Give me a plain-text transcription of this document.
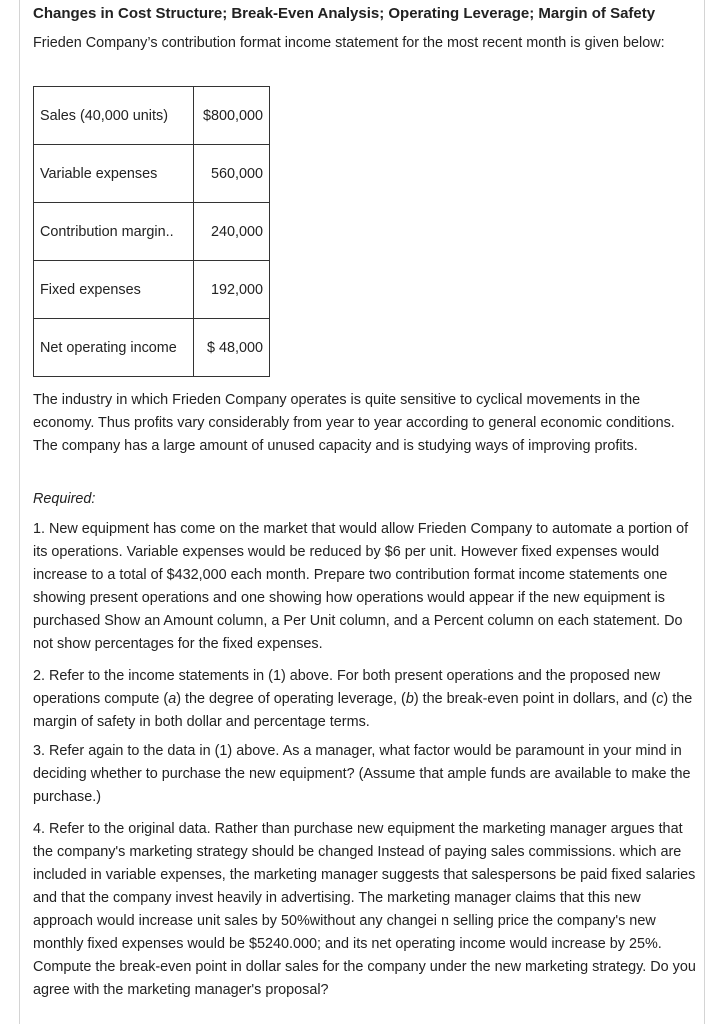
Changes in Cost Structure; Break-Even Analysis; Operating Leverage; Margin of Safety

Frieden Company’s contribution format income statement for the most recent month is given below:

Sales (40,000 units)	$800,000
Variable expenses	560,000
Contribution margin..	240,000
Fixed expenses	192,000
Net operating income	$ 48,000

The industry in which Frieden Company operates is quite sensitive to cyclical movements in the economy. Thus profits vary considerably from year to year according to general economic conditions. The company has a large amount of unused capacity and is studying ways of improving profits.

Required:

1. New equipment has come on the market that would allow Frieden Company to automate a portion of its operations. Variable expenses would be reduced by $6 per unit. However fixed expenses would increase to a total of $432,000 each month. Prepare two contribution format income statements one showing present operations and one showing how operations would appear if the new equipment is purchased Show an Amount column, a Per Unit column, and a Percent column on each statement. Do not show percentages for the fixed expenses.

2. Refer to the income statements in (1) above. For both present operations and the proposed new operations compute (a) the degree of operating leverage, (b) the break-even point in dollars, and (c) the margin of safety in both dollar and percentage terms.

3. Refer again to the data in (1) above. As a manager, what factor would be paramount in your mind in deciding whether to purchase the new equipment? (Assume that ample funds are available to make the purchase.)

4. Refer to the original data. Rather than purchase new equipment the marketing manager argues that the company's marketing strategy should be changed Instead of paying sales commissions. which are included in variable expenses, the marketing manager suggests that salespersons be paid fixed salaries and that the company invest heavily in advertising. The marketing manager claims that this new approach would increase unit sales by 50%without any changei n selling price the company's new monthly fixed expenses would be $5240.000; and its net operating income would increase by 25%. Compute the break-even point in dollar sales for the company under the new marketing strategy. Do you agree with the marketing manager's proposal?
